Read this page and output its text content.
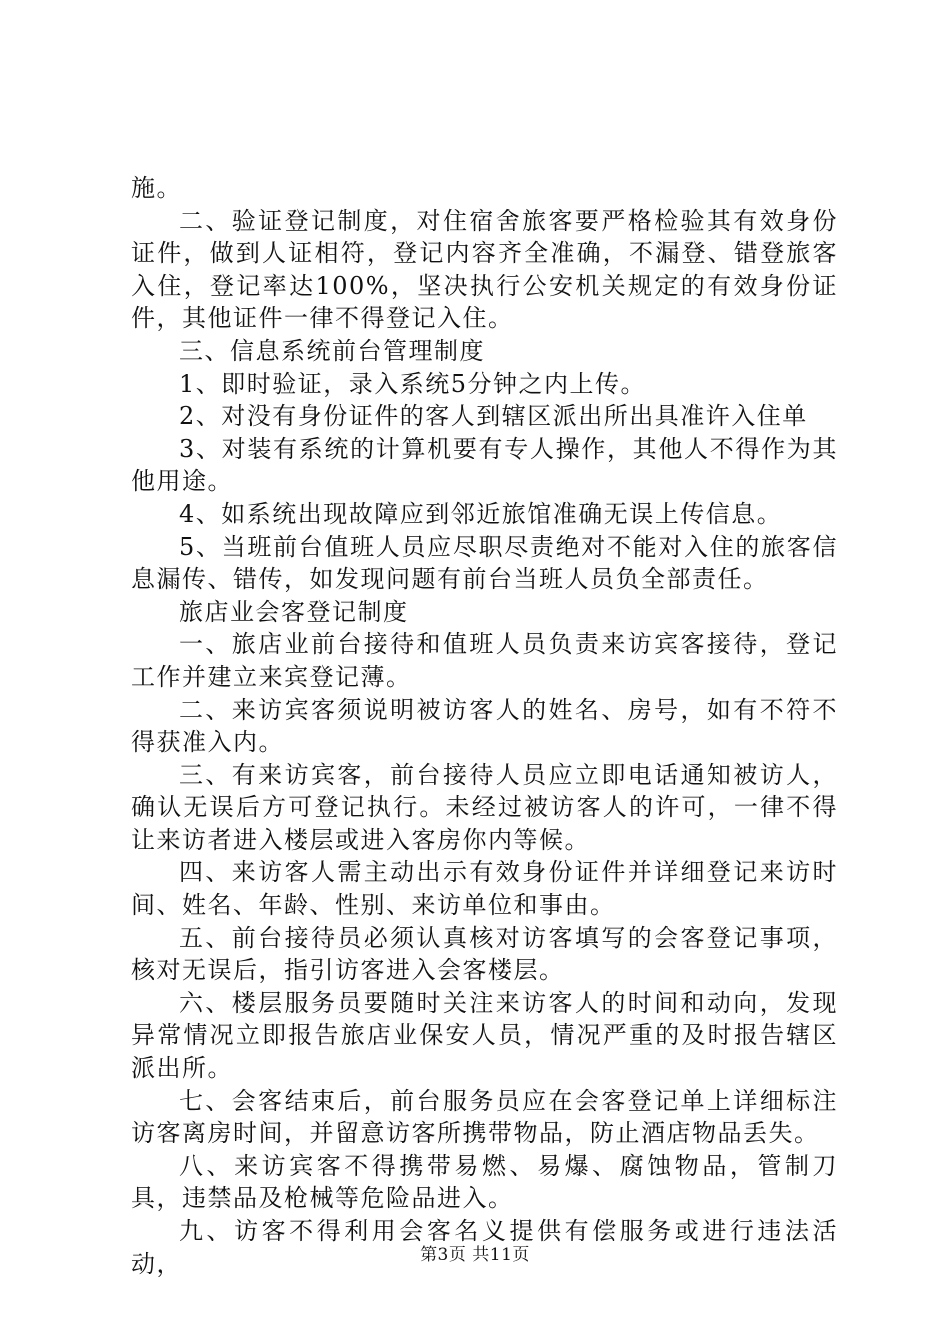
施。

二、验证登记制度，对住宿舍旅客要严格检验其有效身份证件，做到人证相符，登记内容齐全准确，不漏登、错登旅客入住，登记率达100%，坚决执行公安机关规定的有效身份证件，其他证件一律不得登记入住。

三、信息系统前台管理制度

1、即时验证，录入系统5分钟之内上传。

2、对没有身份证件的客人到辖区派出所出具准许入住单

3、对装有系统的计算机要有专人操作，其他人不得作为其他用途。

4、如系统出现故障应到邻近旅馆准确无误上传信息。

5、当班前台值班人员应尽职尽责绝对不能对入住的旅客信息漏传、错传，如发现问题有前台当班人员负全部责任。

旅店业会客登记制度

一、旅店业前台接待和值班人员负责来访宾客接待，登记工作并建立来宾登记薄。

二、来访宾客须说明被访客人的姓名、房号，如有不符不得获准入内。

三、有来访宾客，前台接待人员应立即电话通知被访人，确认无误后方可登记执行。未经过被访客人的许可，一律不得让来访者进入楼层或进入客房你内等候。

四、来访客人需主动出示有效身份证件并详细登记来访时间、姓名、年龄、性别、来访单位和事由。

五、前台接待员必须认真核对访客填写的会客登记事项，核对无误后，指引访客进入会客楼层。

六、楼层服务员要随时关注来访客人的时间和动向，发现异常情况立即报告旅店业保安人员，情况严重的及时报告辖区派出所。

七、会客结束后，前台服务员应在会客登记单上详细标注访客离房时间，并留意访客所携带物品，防止酒店物品丢失。

八、来访宾客不得携带易燃、易爆、腐蚀物品，管制刀具，违禁品及枪械等危险品进入。

九、访客不得利用会客名义提供有偿服务或进行违法活动，	第3页 共11页
